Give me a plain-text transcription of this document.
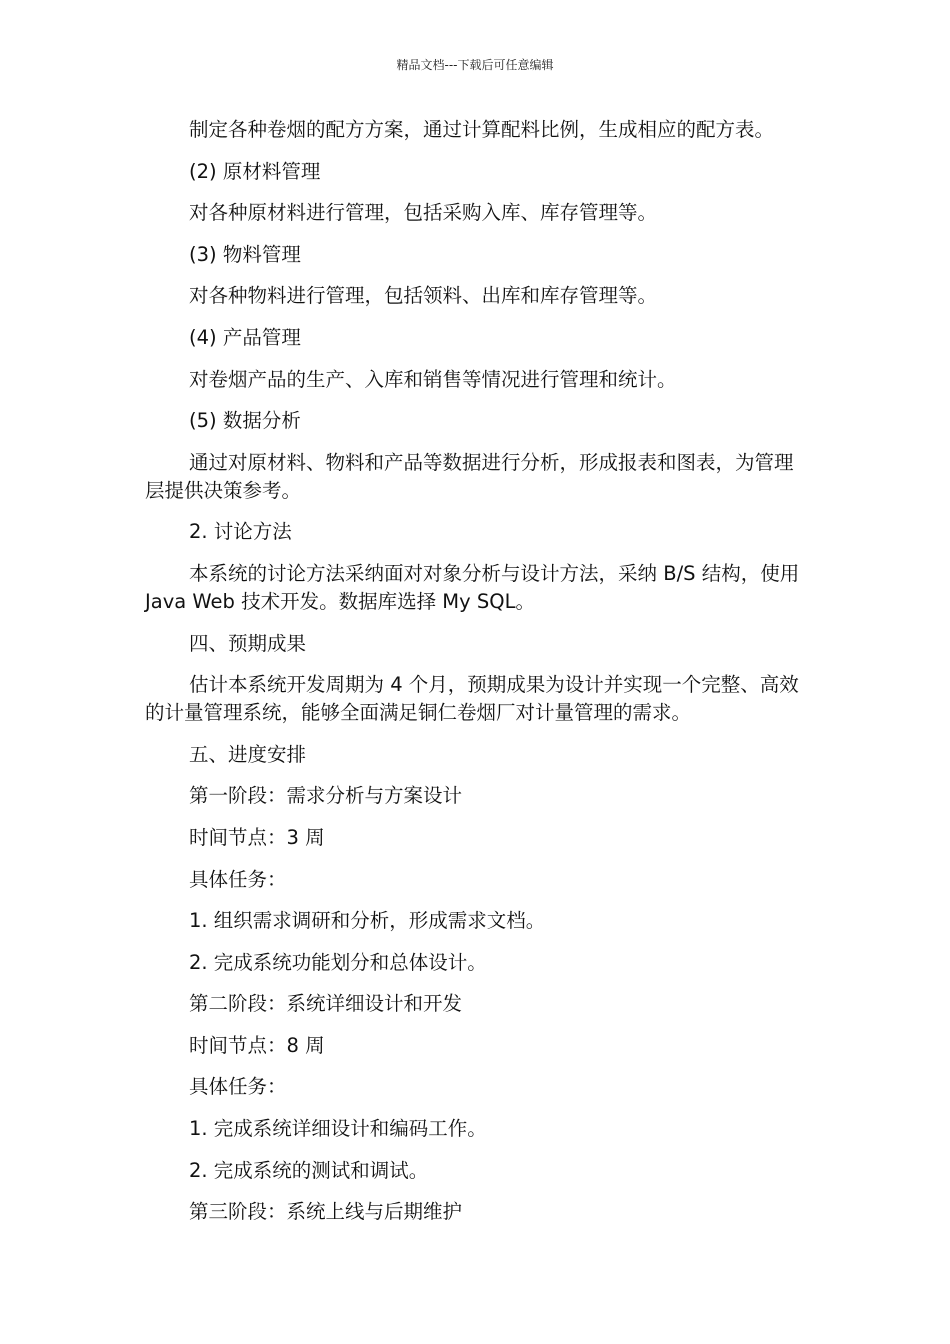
精品文档---下载后可任意编辑

制定各种卷烟的配方方案，通过计算配料比例，生成相应的配方表。

(2) 原材料管理

对各种原材料进行管理，包括采购入库、库存管理等。

(3) 物料管理

对各种物料进行管理，包括领料、出库和库存管理等。

(4) 产品管理

对卷烟产品的生产、入库和销售等情况进行管理和统计。

(5) 数据分析

通过对原材料、物料和产品等数据进行分析，形成报表和图表，为管理层提供决策参考。

2. 讨论方法

本系统的讨论方法采纳面对对象分析与设计方法，采纳 B/S 结构，使用 Java Web 技术开发。数据库选择 My SQL。

四、预期成果

估计本系统开发周期为 4 个月，预期成果为设计并实现一个完整、高效的计量管理系统，能够全面满足铜仁卷烟厂对计量管理的需求。

五、进度安排

第一阶段：需求分析与方案设计

时间节点：3 周

具体任务：

1. 组织需求调研和分析，形成需求文档。

2. 完成系统功能划分和总体设计。

第二阶段：系统详细设计和开发

时间节点：8 周

具体任务：

1. 完成系统详细设计和编码工作。

2. 完成系统的测试和调试。

第三阶段：系统上线与后期维护
